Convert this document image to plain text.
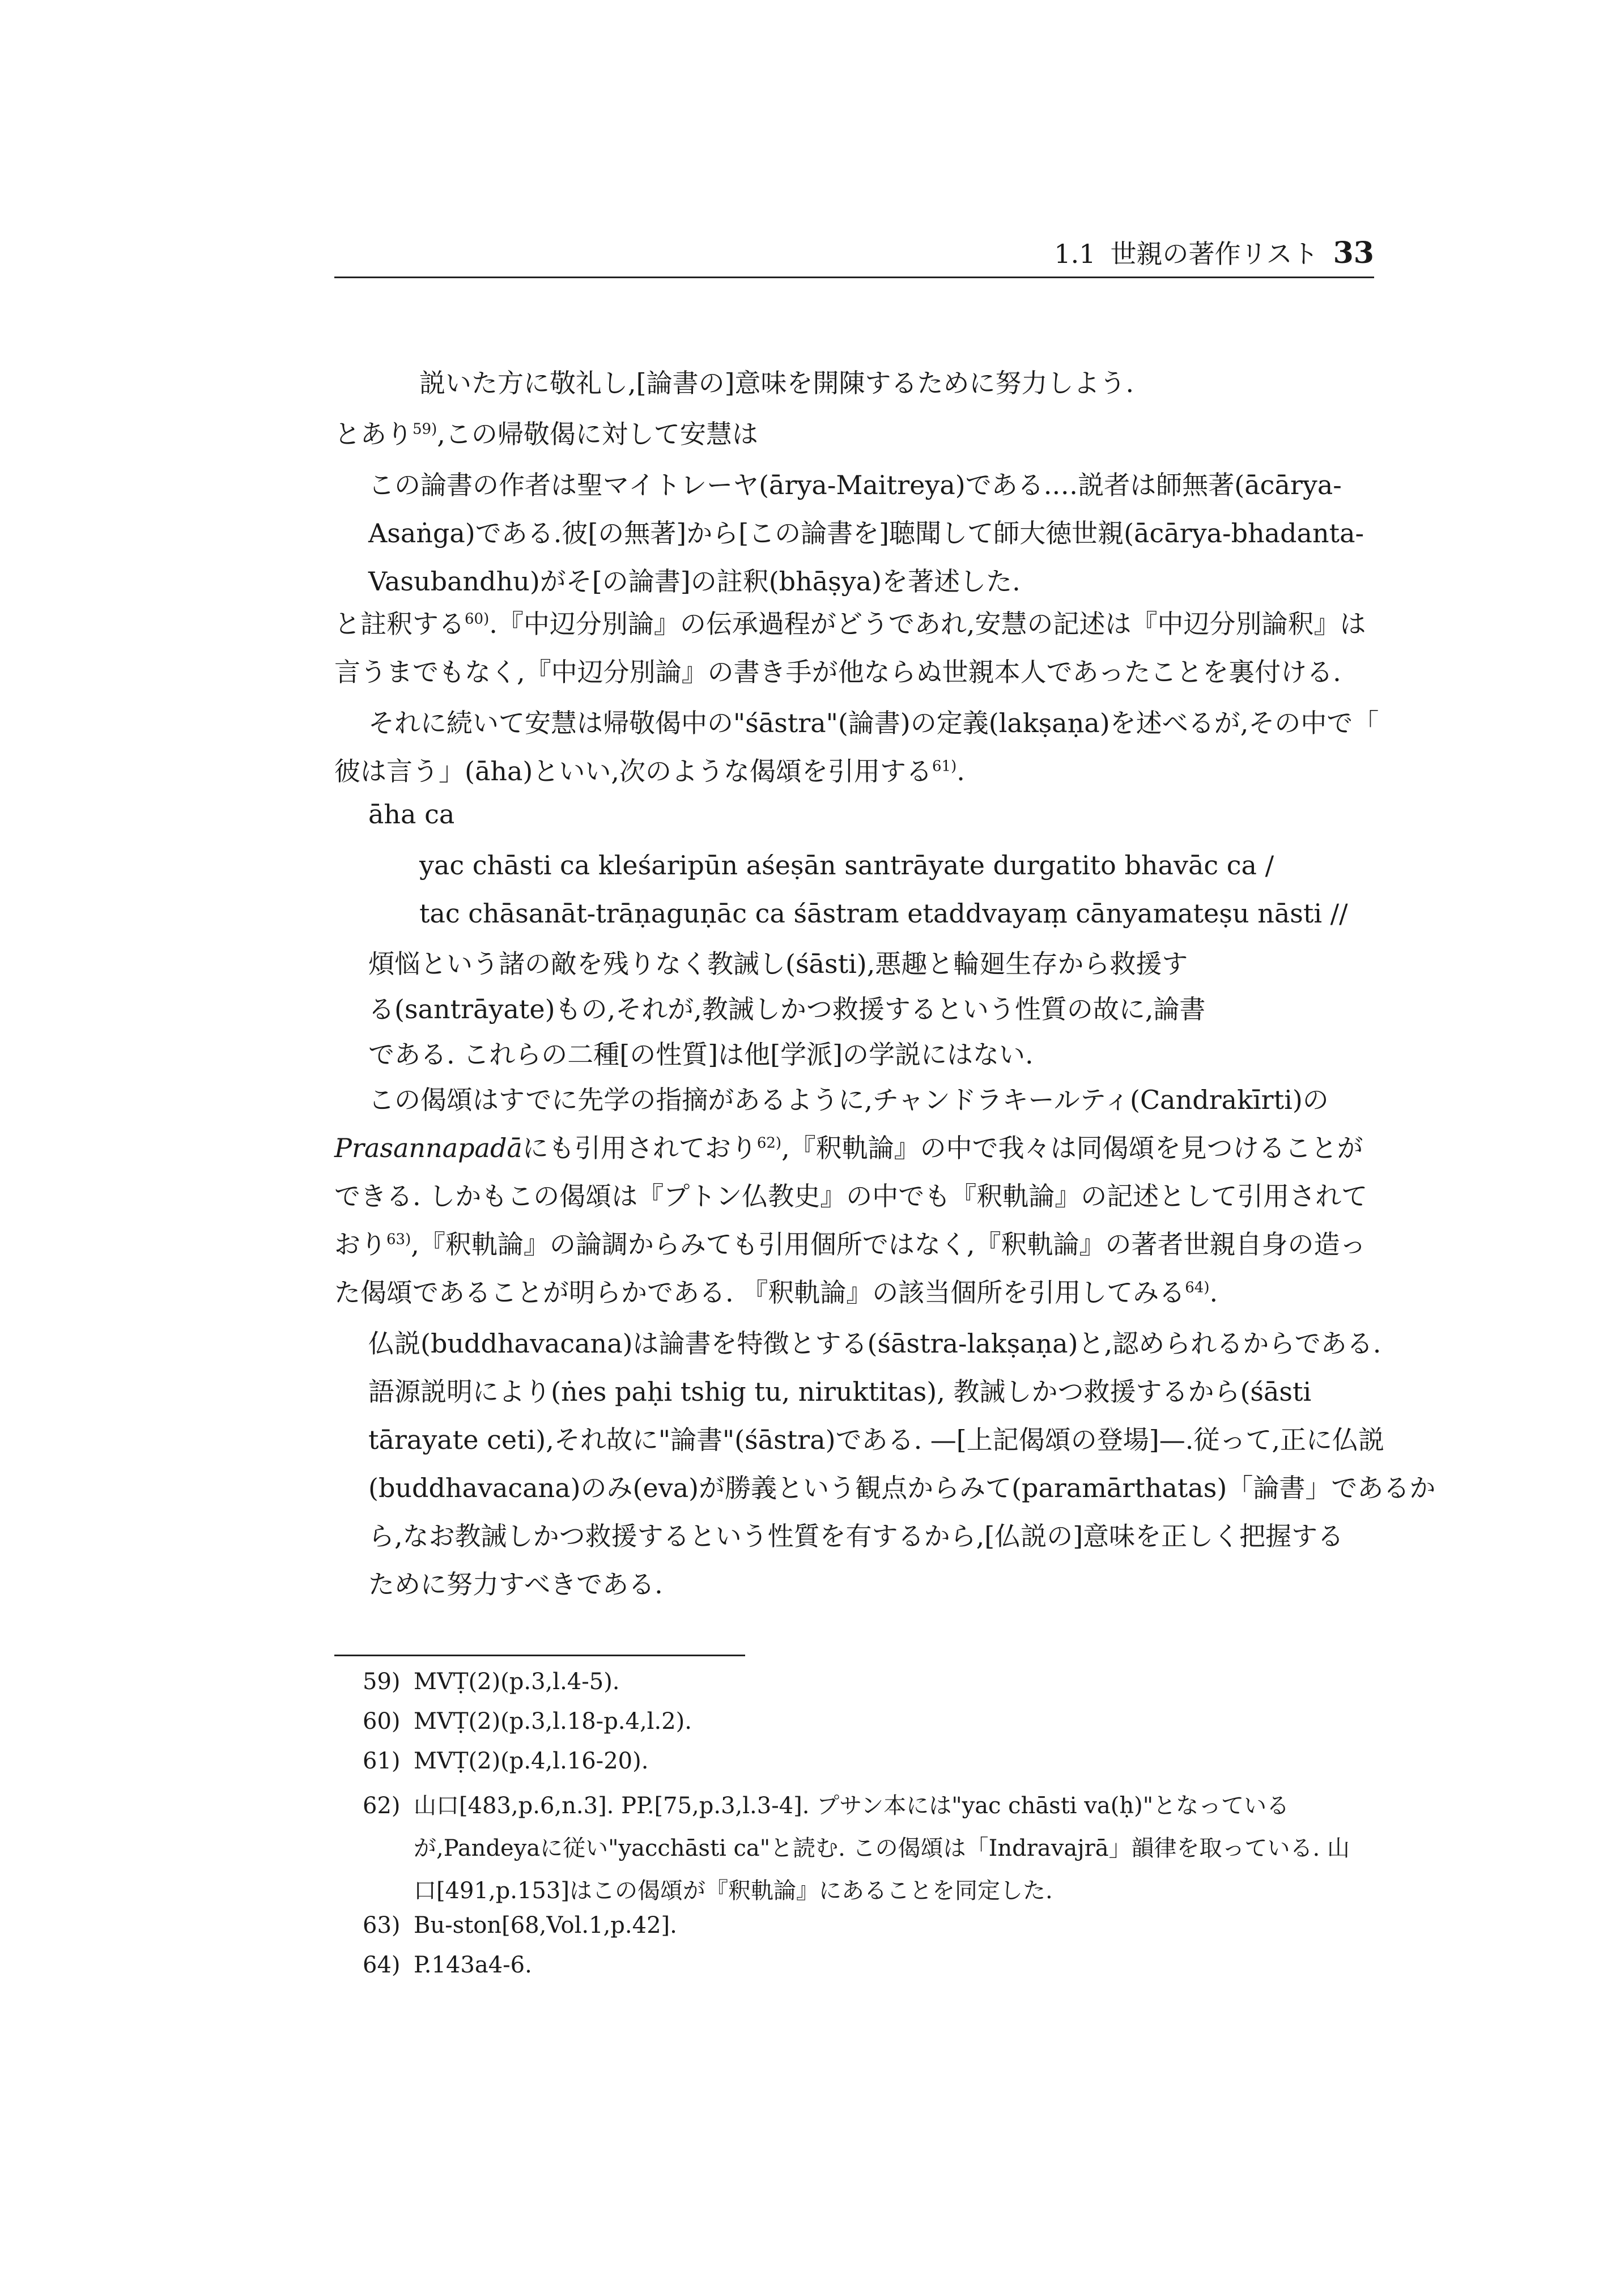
1.1 世親の著作リスト 33
説いた方に敬礼し,[論書の]意味を開陳するために努力しよう.
とあり$^{59)}$,この帰敬偈に対して安慧は
この論書の作者は聖マイトレーヤ(ārya-Maitreya)である.…説者は師無著(ācārya-
Asaṅga)である.彼[の無著]から[この論書を]聴聞して師大徳世親(ācārya-bhadanta-
Vasubandhu)がそ[の論書]の註釈(bhāṣya)を著述した.
と註釈する$^{60)}$.『中辺分別論』の伝承過程がどうであれ,安慧の記述は『中辺分別論釈』は
言うまでもなく,『中辺分別論』の書き手が他ならぬ世親本人であったことを裏付ける.
それに続いて安慧は帰敬偈中の"śāstra"(論書)の定義(lakṣaṇa)を述べるが,その中で「
彼は言う」(āha)といい,次のような偈頌を引用する$^{61)}$.
āha ca
yac chāsti ca kleśaripūn aśeṣān santrāyate durgatito bhavāc ca /
tac chāsanāt-trāṇaguṇāc ca śāstram etaddvayaṃ cānyamateṣu nāsti //
煩悩という諸の敵を残りなく教誡し(śāsti),悪趣と輪廻生存から救援す
る(santrāyate)もの,それが,教誡しかつ救援するという性質の故に,論書
である. これらの二種[の性質]は他[学派]の学説にはない.
この偈頌はすでに先学の指摘があるように,チャンドラキールティ(Candrakīrti)の
Prasannapadāにも引用されており$^{62)}$,『釈軌論』の中で我々は同偈頌を見つけることが
できる. しかもこの偈頌は『プトン仏教史』の中でも『釈軌論』の記述として引用されて
おり$^{63)}$,『釈軌論』の論調からみても引用個所ではなく,『釈軌論』の著者世親自身の造っ
た偈頌であることが明らかである. 『釈軌論』の該当個所を引用してみる$^{64)}$.
仏説(buddhavacana)は論書を特徴とする(śāstra-lakṣaṇa)と,認められるからである.
語源説明により(ṅes paḥi tshig tu, niruktitas), 教誡しかつ救援するから(śāsti
tārayate ceti),それ故に"論書"(śāstra)である. —[上記偈頌の登場]—.従って,正に仏説
(buddhavacana)のみ(eva)が勝義という観点からみて(paramārthatas)「論書」であるか
ら,なお教誡しかつ救援するという性質を有するから,[仏説の]意味を正しく把握する
ために努力すべきである.
59) MVṬ(2)(p.3,l.4-5).
60) MVṬ(2)(p.3,l.18-p.4,l.2).
61) MVṬ(2)(p.4,l.16-20).
62) 山口[483,p.6,n.3]. PP.[75,p.3,l.3-4]. プサン本には"yac chāsti va(ḥ)"となっている
が,Pandeyaに従い"yacchāsti ca"と読む. この偈頌は「Indravajrā」韻律を取っている. 山
口[491,p.153]はこの偈頌が『釈軌論』にあることを同定した.
63) Bu-ston[68,Vol.1,p.42].
64) P.143a4-6.
